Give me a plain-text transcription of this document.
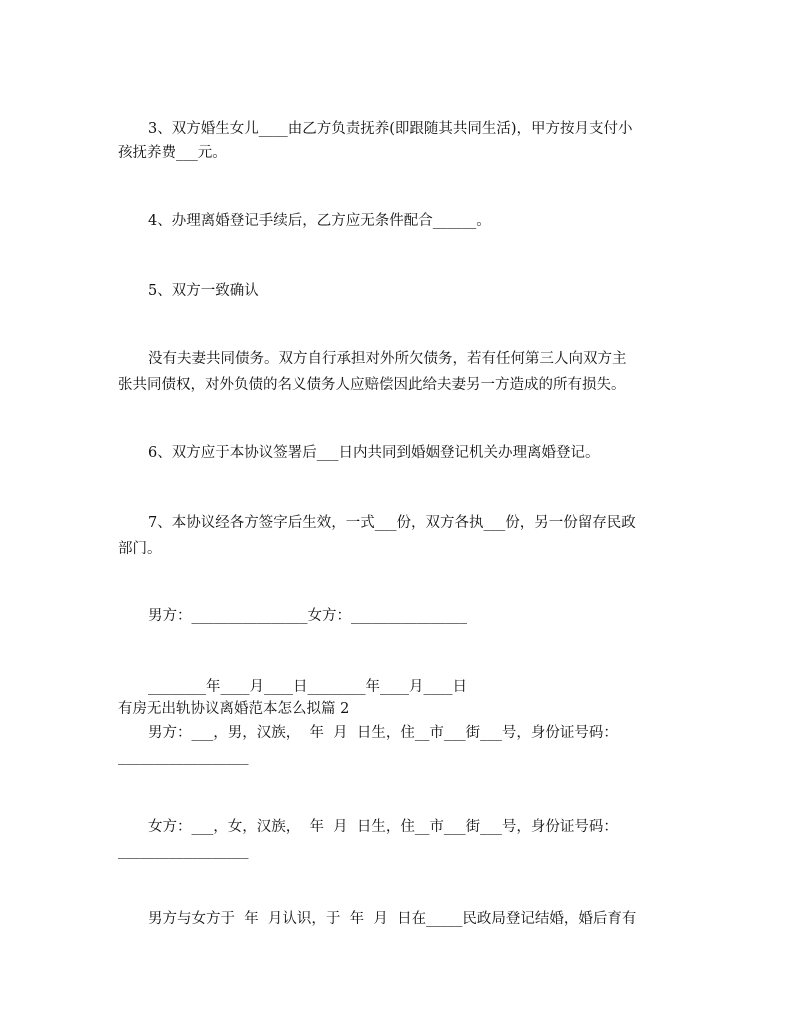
3、双方婚生女儿____由乙方负责抚养(即跟随其共同生活)，甲方按月支付小

孩抚养费___元。

4、办理离婚登记手续后，乙方应无条件配合______。

5、双方一致确认

没有夫妻共同债务。双方自行承担对外所欠债务，若有任何第三人向双方主

张共同债权，对外负债的名义债务人应赔偿因此给夫妻另一方造成的所有损失。

6、双方应于本协议签署后___日内共同到婚姻登记机关办理离婚登记。

7、本协议经各方签字后生效，一式___份，双方各执___份，另一份留存民政

部门。

男方：________________女方：________________

________年____月____日________年____月____日

有房无出轨协议离婚范本怎么拟篇 2

男方：___，男，汉族，  年  月  日生，住__市___街___号，身份证号码：

__________________

女方：___，女，汉族，  年  月  日生，住__市___街___号，身份证号码：

__________________

男方与女方于  年  月认识，于  年  月  日在_____民政局登记结婚，婚后育有
